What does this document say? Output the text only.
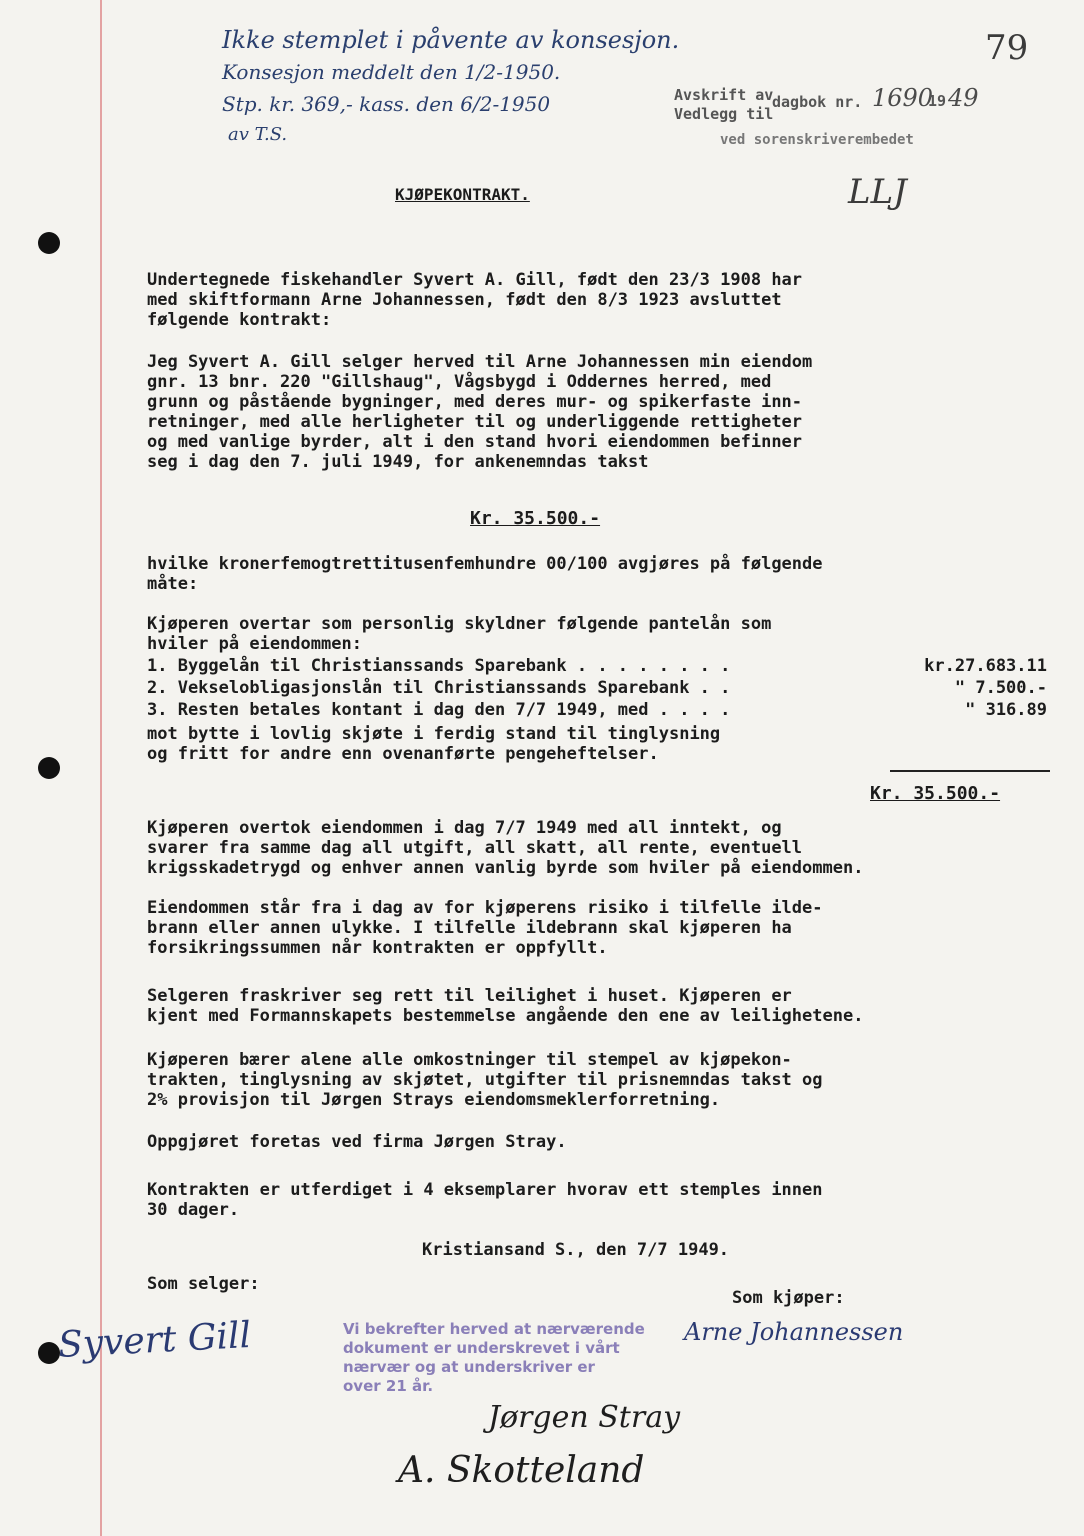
Ikke stemplet i påvente av konsesjon.
Konsesjon meddelt den 1/2-1950.
Stp. kr. 369,- kass. den 6/2-1950
av T.S.
79
LLJ
Avskrift av
Vedlegg til
dagbok nr. 1690
19 49
ved sorenskriverembedet
KJØPEKONTRAKT.

Undertegnede fiskehandler Syvert A. Gill, født den 23/3 1908 har

med skiftformann Arne Johannessen, født den 8/3 1923 avsluttet

følgende kontrakt:

Jeg Syvert A. Gill selger herved til Arne Johannessen min eiendom

gnr. 13 bnr. 220 "Gillshaug", Vågsbygd i Oddernes herred, med

grunn og påstående bygninger, med deres mur- og spikerfaste inn-

retninger, med alle herligheter til og underliggende rettigheter

og med vanlige byrder, alt i den stand hvori eiendommen befinner

seg i dag den 7. juli 1949, for ankenemndas takst

Kr. 35.500.-

hvilke kronerfemogtrettitusenfemhundre 00/100 avgjøres på følgende

måte:

Kjøperen overtar som personlig skyldner følgende pantelån som

hviler på eiendommen:

1. Byggelån til Christianssands Sparebank . . . . . . . .	kr.27.683.11
2. Vekselobligasjonslån til Christianssands Sparebank . .	" 7.500.-
3. Resten betales kontant i dag den 7/7 1949, med . . . .	" 316.89

mot bytte i lovlig skjøte i ferdig stand til tinglysning

og fritt for andre enn ovenanførte pengeheftelser.

Kr. 35.500.-

Kjøperen overtok eiendommen i dag 7/7 1949 med all inntekt, og

svarer fra samme dag all utgift, all skatt, all rente, eventuell

krigsskadetrygd og enhver annen vanlig byrde som hviler på eiendommen.

Eiendommen står fra i dag av for kjøperens risiko i tilfelle ilde-

brann eller annen ulykke. I tilfelle ildebrann skal kjøperen ha

forsikringssummen når kontrakten er oppfyllt.

Selgeren fraskriver seg rett til leilighet i huset. Kjøperen er

kjent med Formannskapets bestemmelse angående den ene av leilighetene.

Kjøperen bærer alene alle omkostninger til stempel av kjøpekon-

trakten, tinglysning av skjøtet, utgifter til prisnemndas takst og

2% provisjon til Jørgen Strays eiendomsmeklerforretning.

Oppgjøret foretas ved firma Jørgen Stray.

Kontrakten er utferdiget i 4 eksemplarer hvorav ett stemples innen

30 dager.

Kristiansand S., den 7/7 1949.
Som selger:
Som kjøper:
Syvert Gill	Arne Johannessen

Vi bekrefter herved at nærværende

dokument er underskrevet i vårt

nærvær og at underskriver er

over 21 år.

Jørgen Stray
A. Skotteland
